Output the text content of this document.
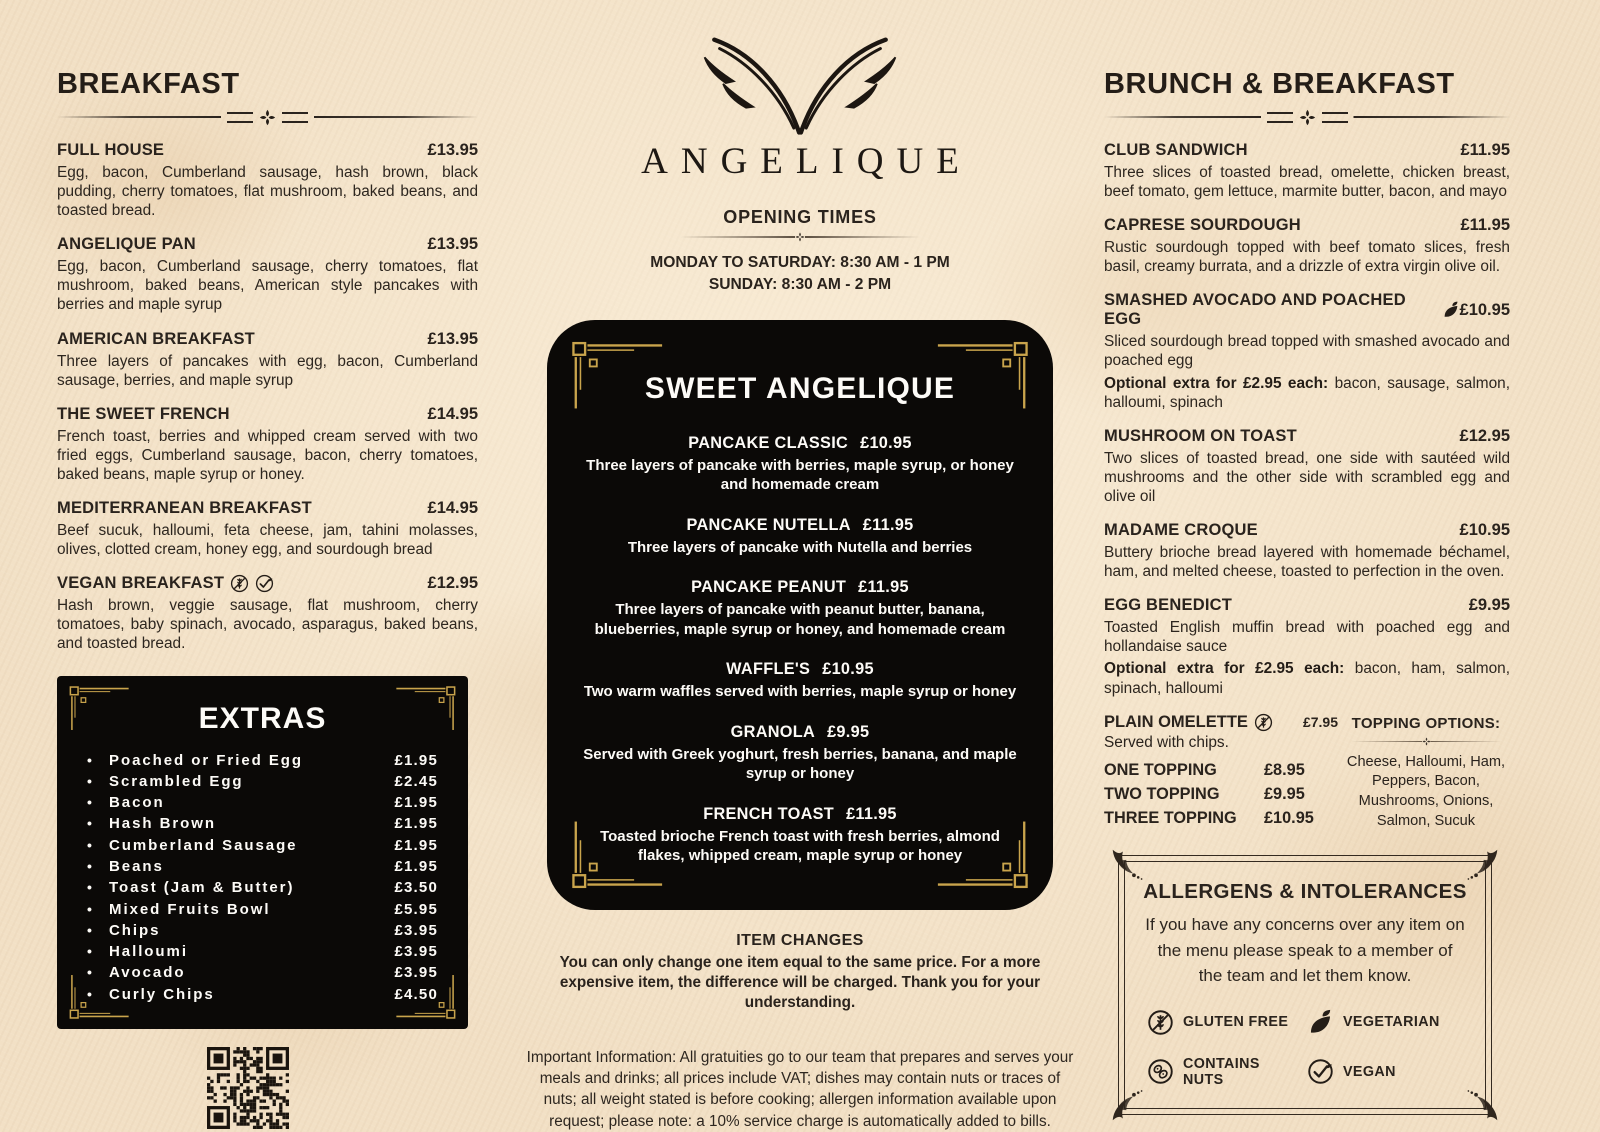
BREAKFAST
FULL HOUSE	£13.95

Egg, bacon, Cumberland sausage, hash brown, black pudding, cherry tomatoes, flat mushroom, baked beans, and toasted bread.

ANGELIQUE PAN	£13.95

Egg, bacon, Cumberland sausage, cherry tomatoes, flat mushroom, baked beans, American style pancakes with berries and maple syrup

AMERICAN BREAKFAST	£13.95

Three layers of pancakes with egg, bacon, Cumberland sausage, berries, and maple syrup

THE SWEET FRENCH	£14.95

French toast, berries and whipped cream served with two fried eggs, Cumberland sausage, bacon, cherry tomatoes, baked beans, maple syrup or honey.

MEDITERRANEAN BREAKFAST	£14.95

Beef sucuk, halloumi, feta cheese, jam, tahini molasses, olives, clotted cream, honey egg, and sourdough bread

VEGAN BREAKFAST	£12.95

Hash brown, veggie sausage, flat mushroom, cherry tomatoes, baby spinach, avocado, asparagus, baked beans, and toasted bread.

EXTRAS
•	Poached or Fried Egg	£1.95
•	Scrambled Egg	£2.45
•	Bacon	£1.95
•	Hash Brown	£1.95
•	Cumberland Sausage	£1.95
•	Beans	£1.95
•	Toast (Jam & Butter)	£3.50
•	Mixed Fruits Bowl	£5.95
•	Chips	£3.95
•	Halloumi	£3.95
•	Avocado	£3.95
•	Curly Chips	£4.50
ANGELIQUE
OPENING TIMES
MONDAY TO SATURDAY: 8:30 AM - 1 PM
SUNDAY: 8:30 AM - 2 PM
SWEET ANGELIQUE
PANCAKE CLASSIC £10.95

Three layers of pancake with berries, maple syrup, or honey and homemade cream

PANCAKE NUTELLA £11.95

Three layers of pancake with Nutella and berries

PANCAKE PEANUT £11.95

Three layers of pancake with peanut butter, banana, blueberries, maple syrup or honey, and homemade cream

WAFFLE'S £10.95

Two warm waffles served with berries, maple syrup or honey

GRANOLA £9.95

Served with Greek yoghurt, fresh berries, banana, and maple syrup or honey

FRENCH TOAST £11.95

Toasted brioche French toast with fresh berries, almond flakes, whipped cream, maple syrup or honey

ITEM CHANGES

You can only change one item equal to the same price. For a more expensive item, the difference will be charged. Thank you for your understanding.

Important Information: All gratuities go to our team that prepares and serves your meals and drinks; all prices include VAT; dishes may contain nuts or traces of nuts; all weight stated is before cooking; allergen information available upon request; please note: a 10% service charge is automatically added to bills.

BRUNCH & BREAKFAST
CLUB SANDWICH	£11.95

Three slices of toasted bread, omelette, chicken breast, beef tomato, gem lettuce, marmite butter, bacon, and mayo

CAPRESE SOURDOUGH	£11.95

Rustic sourdough topped with beef tomato slices, fresh basil, creamy burrata, and a drizzle of extra virgin olive oil.

SMASHED AVOCADO AND POACHED EGG
£10.95

Sliced sourdough bread topped with smashed avocado and poached egg

Optional extra for £2.95 each: bacon, sausage, salmon, halloumi, spinach

MUSHROOM ON TOAST	£12.95

Two slices of toasted bread, one side with sautéed wild mushrooms and the other side with scrambled egg and olive oil

MADAME CROQUE	£10.95

Buttery brioche bread layered with homemade béchamel, ham, and melted cheese, toasted to perfection in the oven.

EGG BENEDICT	£9.95

Toasted English muffin bread with poached egg and hollandaise sauce

Optional extra for £2.95 each: bacon, ham, salmon, spinach, halloumi

PLAIN OMELETTE	£7.95

Served with chips.

ONE TOPPING	£8.95
TWO TOPPING	£9.95
THREE TOPPING	£10.95
TOPPING OPTIONS:

Cheese, Halloumi, Ham, Peppers, Bacon, Mushrooms, Onions, Salmon, Sucuk

ALLERGENS & INTOLERANCES

If you have any concerns over any item on the menu please speak to a member of the team and let them know.

GLUTEN FREE	VEGETARIAN
CONTAINS NUTS	VEGAN
